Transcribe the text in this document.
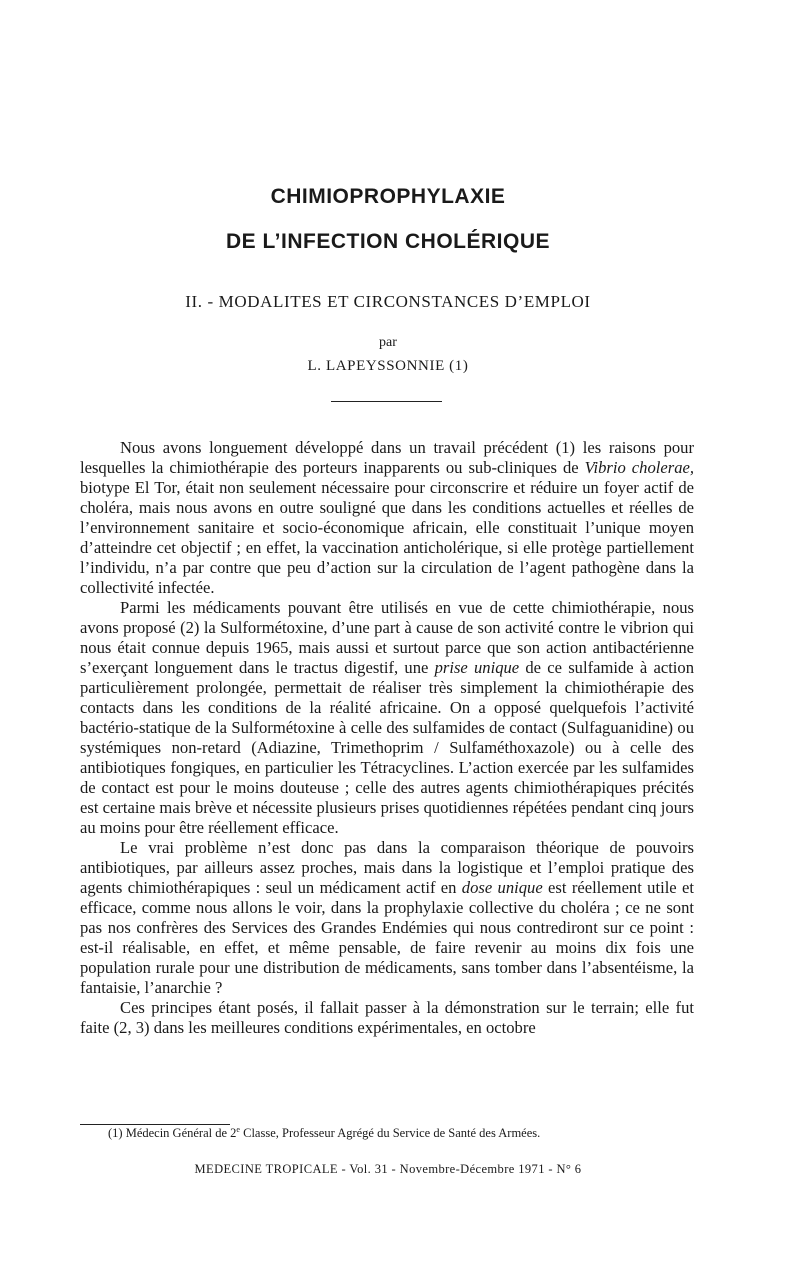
CHIMIOPROPHYLAXIE
DE L’INFECTION CHOLÉRIQUE
II. - MODALITES ET CIRCONSTANCES D’EMPLOI
par
L. LAPEYSSONNIE (1)

Nous avons longuement développé dans un travail précédent (1) les raisons pour lesquelles la chimiothérapie des porteurs inapparents ou sub-cliniques de Vibrio cholerae, biotype El Tor, était non seulement nécessaire pour circonscrire et réduire un foyer actif de choléra, mais nous avons en outre souligné que dans les conditions actuelles et réelles de l’environnement sanitaire et socio-économique africain, elle constituait l’unique moyen d’atteindre cet objectif ; en effet, la vaccination anticholérique, si elle protège partiellement l’individu, n’a par contre que peu d’action sur la circulation de l’agent pathogène dans la collectivité infectée.

Parmi les médicaments pouvant être utilisés en vue de cette chimiothérapie, nous avons proposé (2) la Sulformétoxine, d’une part à cause de son activité contre le vibrion qui nous était connue depuis 1965, mais aussi et surtout parce que son action antibactérienne s’exerçant longuement dans le tractus digestif, une prise unique de ce sulfamide à action particulièrement prolongée, permettait de réaliser très simplement la chimiothérapie des contacts dans les conditions de la réalité africaine. On a opposé quelquefois l’activité bactério-statique de la Sulformétoxine à celle des sulfamides de contact (Sulfaguanidine) ou systémiques non-retard (Adiazine, Trimethoprim / Sulfaméthoxazole) ou à celle des antibiotiques fongiques, en particulier les Tétracyclines. L’action exercée par les sulfamides de contact est pour le moins douteuse ; celle des autres agents chimiothérapiques précités est certaine mais brève et nécessite plusieurs prises quotidiennes répétées pendant cinq jours au moins pour être réellement efficace.

Le vrai problème n’est donc pas dans la comparaison théorique de pouvoirs antibiotiques, par ailleurs assez proches, mais dans la logistique et l’emploi pratique des agents chimiothérapiques : seul un médicament actif en dose unique est réellement utile et efficace, comme nous allons le voir, dans la prophylaxie collective du choléra ; ce ne sont pas nos confrères des Services des Grandes Endémies qui nous contrediront sur ce point : est-il réalisable, en effet, et même pensable, de faire revenir au moins dix fois une population rurale pour une distribution de médicaments, sans tomber dans l’absentéisme, la fantaisie, l’anarchie ?

Ces principes étant posés, il fallait passer à la démonstration sur le terrain; elle fut faite (2, 3) dans les meilleures conditions expérimentales, en octobre

(1) Médecin Général de 2e Classe, Professeur Agrégé du Service de Santé des Armées.
MEDECINE TROPICALE - Vol. 31 - Novembre-Décembre 1971 - N° 6
